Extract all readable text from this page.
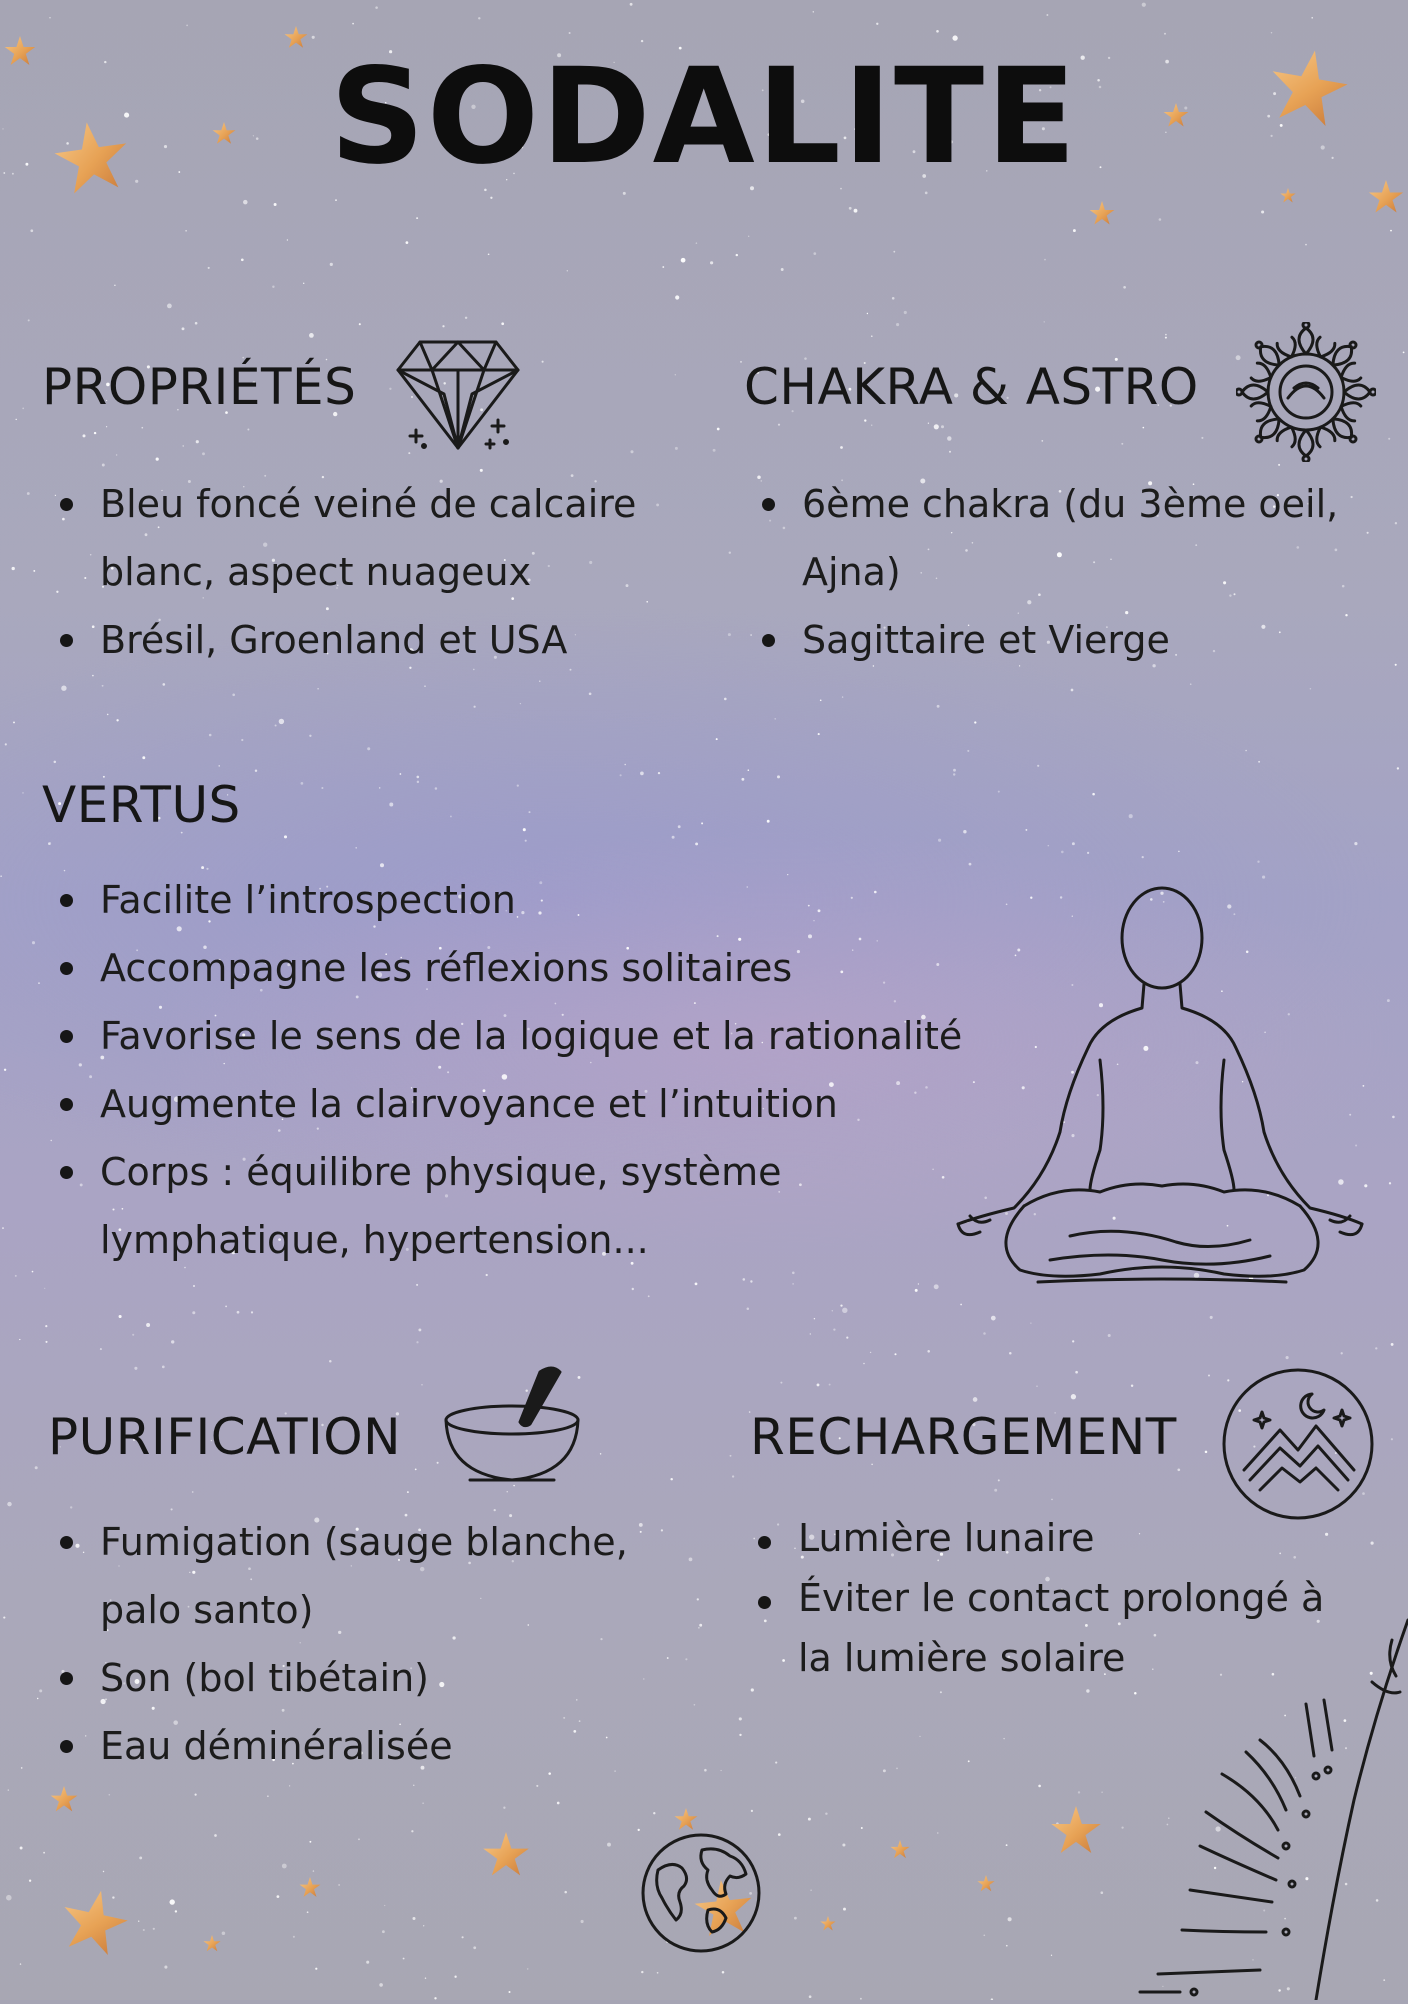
SODALITE
PROPRIÉTÉS
Bleu foncé veiné de calcaire blanc, aspect nuageux
Brésil, Groenland et USA
CHAKRA & ASTRO
6ème chakra (du 3ème oeil, Ajna)
Sagittaire et Vierge
VERTUS
Facilite l’introspection
Accompagne les réflexions solitaires
Favorise le sens de la logique et la rationalité
Augmente la clairvoyance et l’intuition
Corps : équilibre physique, système lymphatique, hypertension...
PURIFICATION
Fumigation (sauge blanche, palo santo)
Son (bol tibétain)
Eau déminéralisée
RECHARGEMENT
Lumière lunaire
Éviter le contact prolongé à la lumière solaire
